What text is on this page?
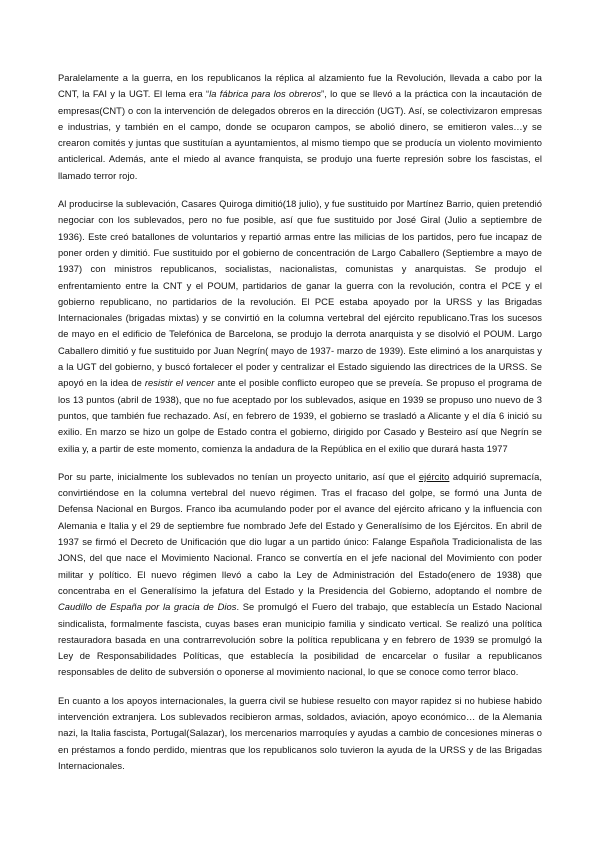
Paralelamente a la guerra, en los republicanos la réplica al alzamiento fue la Revolución, llevada a cabo por la CNT, la FAI y la UGT. El lema era “la fábrica para los obreros”, lo que se llevó a la práctica con la incautación de empresas(CNT) o con la intervención de delegados obreros en la dirección (UGT). Así, se colectivizaron empresas e industrias, y también en el campo, donde se ocuparon campos, se abolió dinero, se emitieron vales…y se crearon comités y juntas que sustituían a ayuntamientos, al mismo tiempo que se producía un violento movimiento anticlerical. Además, ante el miedo al avance franquista, se produjo una fuerte represión sobre los fascistas, el llamado terror rojo.

Al producirse la sublevación, Casares Quiroga dimitió(18 julio), y fue sustituido por Martínez Barrio, quien pretendió negociar con los sublevados, pero no fue posible, así que fue sustituido por José Giral (Julio a septiembre de 1936). Este creó batallones de voluntarios y repartió armas entre las milicias de los partidos, pero fue incapaz de poner orden y dimitió. Fue sustituido por el gobierno de concentración de Largo Caballero (Septiembre a mayo de 1937) con ministros republicanos, socialistas, nacionalistas, comunistas y anarquistas. Se produjo el enfrentamiento entre la CNT y el POUM, partidarios de ganar la guerra con la revolución, contra el PCE y el gobierno republicano, no partidarios de la revolución. El PCE estaba apoyado por la URSS y las Brigadas Internacionales (brigadas mixtas) y se convirtió en la columna vertebral del ejército republicano.Tras los sucesos de mayo en el edificio de Telefónica de Barcelona, se produjo la derrota anarquista y se disolvió el POUM. Largo Caballero dimitió y fue sustituido por Juan Negrín( mayo de 1937- marzo de 1939). Este eliminó a los anarquistas y a la UGT del gobierno, y buscó fortalecer el poder y centralizar el Estado siguiendo las directrices de la URSS. Se apoyó en la idea de resistir el vencer ante el posible conflicto europeo que se preveía. Se propuso el programa de los 13 puntos (abril de 1938), que no fue aceptado por los sublevados, asique en 1939 se propuso uno nuevo de 3 puntos, que también fue rechazado. Así, en febrero de 1939, el gobierno se trasladó a Alicante y el día 6 inició su exilio. En marzo se hizo un golpe de Estado contra el gobierno, dirigido por Casado y Besteiro así que Negrín se exilia y, a partir de este momento, comienza la andadura de la República en el exilio que durará hasta 1977

Por su parte, inicialmente los sublevados no tenían un proyecto unitario, así que el ejército adquirió supremacía, convirtiéndose en la columna vertebral del nuevo régimen. Tras el fracaso del golpe, se formó una Junta de Defensa Nacional en Burgos. Franco iba acumulando poder por el avance del ejército africano y la influencia con Alemania e Italia y el 29 de septiembre fue nombrado Jefe del Estado y Generalísimo de los Ejércitos. En abril de 1937 se firmó el Decreto de Unificación que dio lugar a un partido único: Falange Española Tradicionalista de las JONS, del que nace el Movimiento Nacional. Franco se convertía en el jefe nacional del Movimiento con poder militar y político. El nuevo régimen llevó a cabo la Ley de Administración del Estado(enero de 1938) que concentraba en el Generalísimo la jefatura del Estado y la Presidencia del Gobierno, adoptando el nombre de Caudillo de España por la gracia de Dios. Se promulgó el Fuero del trabajo, que establecía un Estado Nacional sindicalista, formalmente fascista, cuyas bases eran municipio familia y sindicato vertical. Se realizó una política restauradora basada en una contrarrevolución sobre la política republicana y en febrero de 1939 se promulgó la Ley de Responsabilidades Políticas, que establecía la posibilidad de encarcelar o fusilar a republicanos responsables de delito de subversión o oponerse al movimiento nacional, lo que se conoce como terror blaco.

En cuanto a los apoyos internacionales, la guerra civil se hubiese resuelto con mayor rapidez si no hubiese habido intervención extranjera. Los sublevados recibieron armas, soldados, aviación, apoyo económico… de la Alemania nazi, la Italia fascista, Portugal(Salazar), los mercenarios marroquíes y ayudas a cambio de concesiones mineras o en préstamos a fondo perdido, mientras que los republicanos solo tuvieron la ayuda de la URSS y de las Brigadas Internacionales.
